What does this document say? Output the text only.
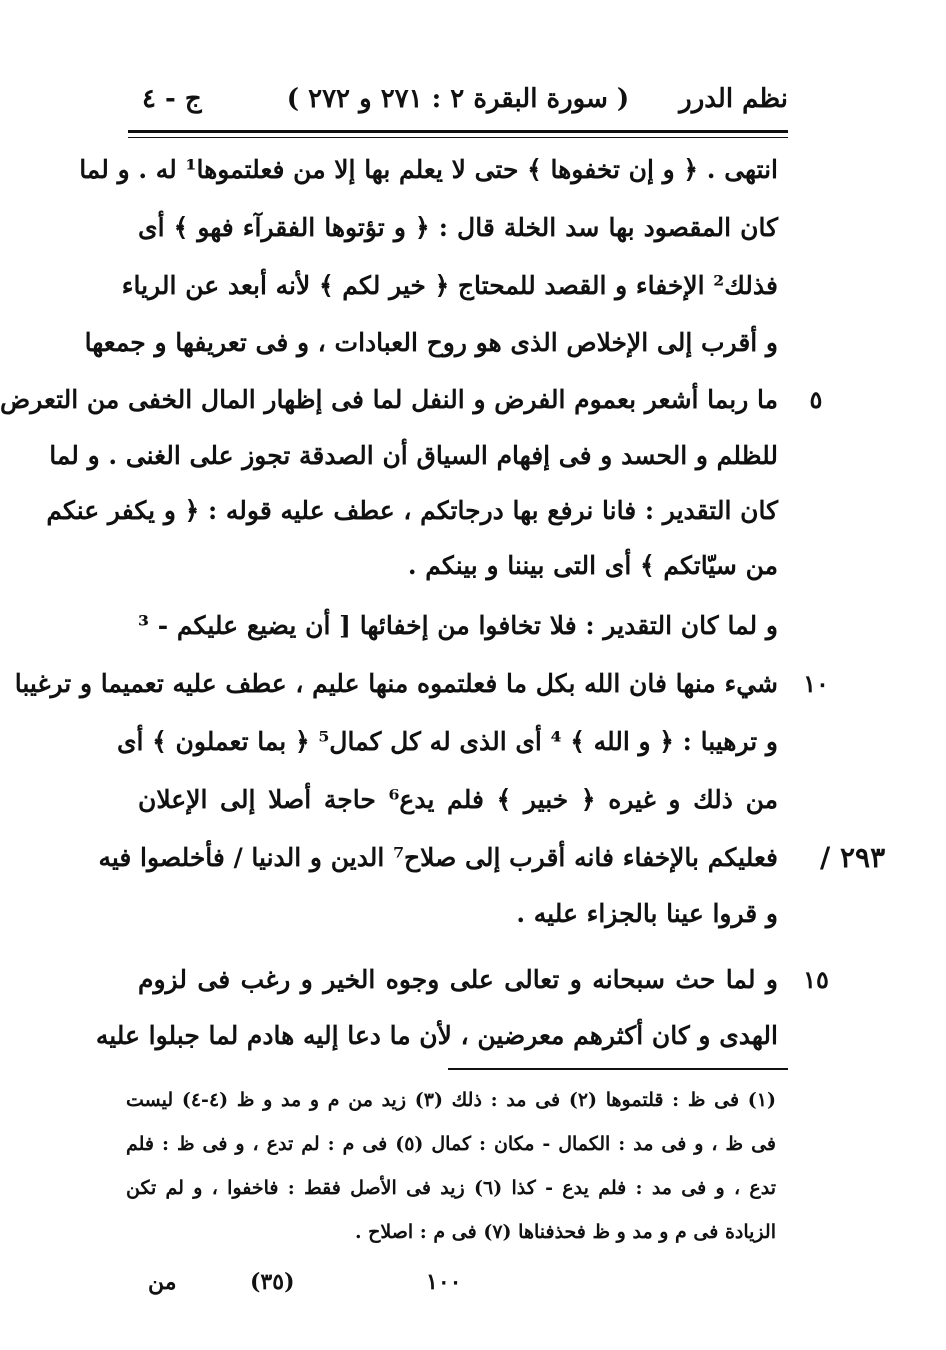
نظم الدرر
( سورة البقرة ٢ : ٢٧١ و ٢٧٢ )
ج - ٤
انتهى . ﴿ و إن تخفوها ﴾ حتى لا يعلم بها إلا من فعلتموها¹ له . و لما
كان المقصود بها سد الخلة قال : ﴿ و تؤتوها الفقرآء فهو ﴾ أى
فذلك² الإخفاء و القصد للمحتاج ﴿ خير لكم ﴾ لأنه أبعد عن الرياء
و أقرب إلى الإخلاص الذى هو روح العبادات ، و فى تعريفها و جمعها
ما ربما أشعر بعموم الفرض و النفل لما فى إظهار المال الخفى من التعرض	٥
للظلم و الحسد و فى إفهام السياق أن الصدقة تجوز على الغنى . و لما
كان التقدير : فانا نرفع بها درجاتكم ، عطف عليه قوله : ﴿ و يكفر عنكم
من سيّاتكم ﴾ أى التى بيننا و بينكم .
و لما كان التقدير : فلا تخافوا من إخفائها [ أن يضيع عليكم - ³
شيء منها فان الله بكل ما فعلتموه منها عليم ، عطف عليه تعميما و ترغيبا ١٠
و ترهيبا : ﴿ و الله ﴾ ⁴ أى الذى له كل كمال⁵ ﴿ بما تعملون ﴾ أى
من ذلك و غيره ﴿ خبير ﴾ فلم يدع⁶ حاجة أصلا إلى الإعلان
فعليكم بالإخفاء فانه أقرب إلى صلاح⁷ الدين و الدنيا / فأخلصوا فيه ٢٩٣ /
و قروا عينا بالجزاء عليه .
و لما حث سبحانه و تعالى على وجوه الخير و رغب فى لزوم ١٥
الهدى و كان أكثرهم معرضين ، لأن ما دعا إليه هادم لما جبلوا عليه
(١) فى ظ : قلتموها (٢) فى مد : ذلك (٣) زيد من م و مد و ظ (٤-٤) ليست
فى ظ ، و فى مد : الكمال - مكان : كمال (٥) فى م : لم تدع ، و فى ظ : فلم
تدع ، و فى مد : فلم يدع - كذا (٦) زيد فى الأصل فقط : فاخفوا ، و لم تكن
الزيادة فى م و مد و ظ فحذفناها (٧) فى م : اصلاح .
١٠٠
(٣٥)
من
